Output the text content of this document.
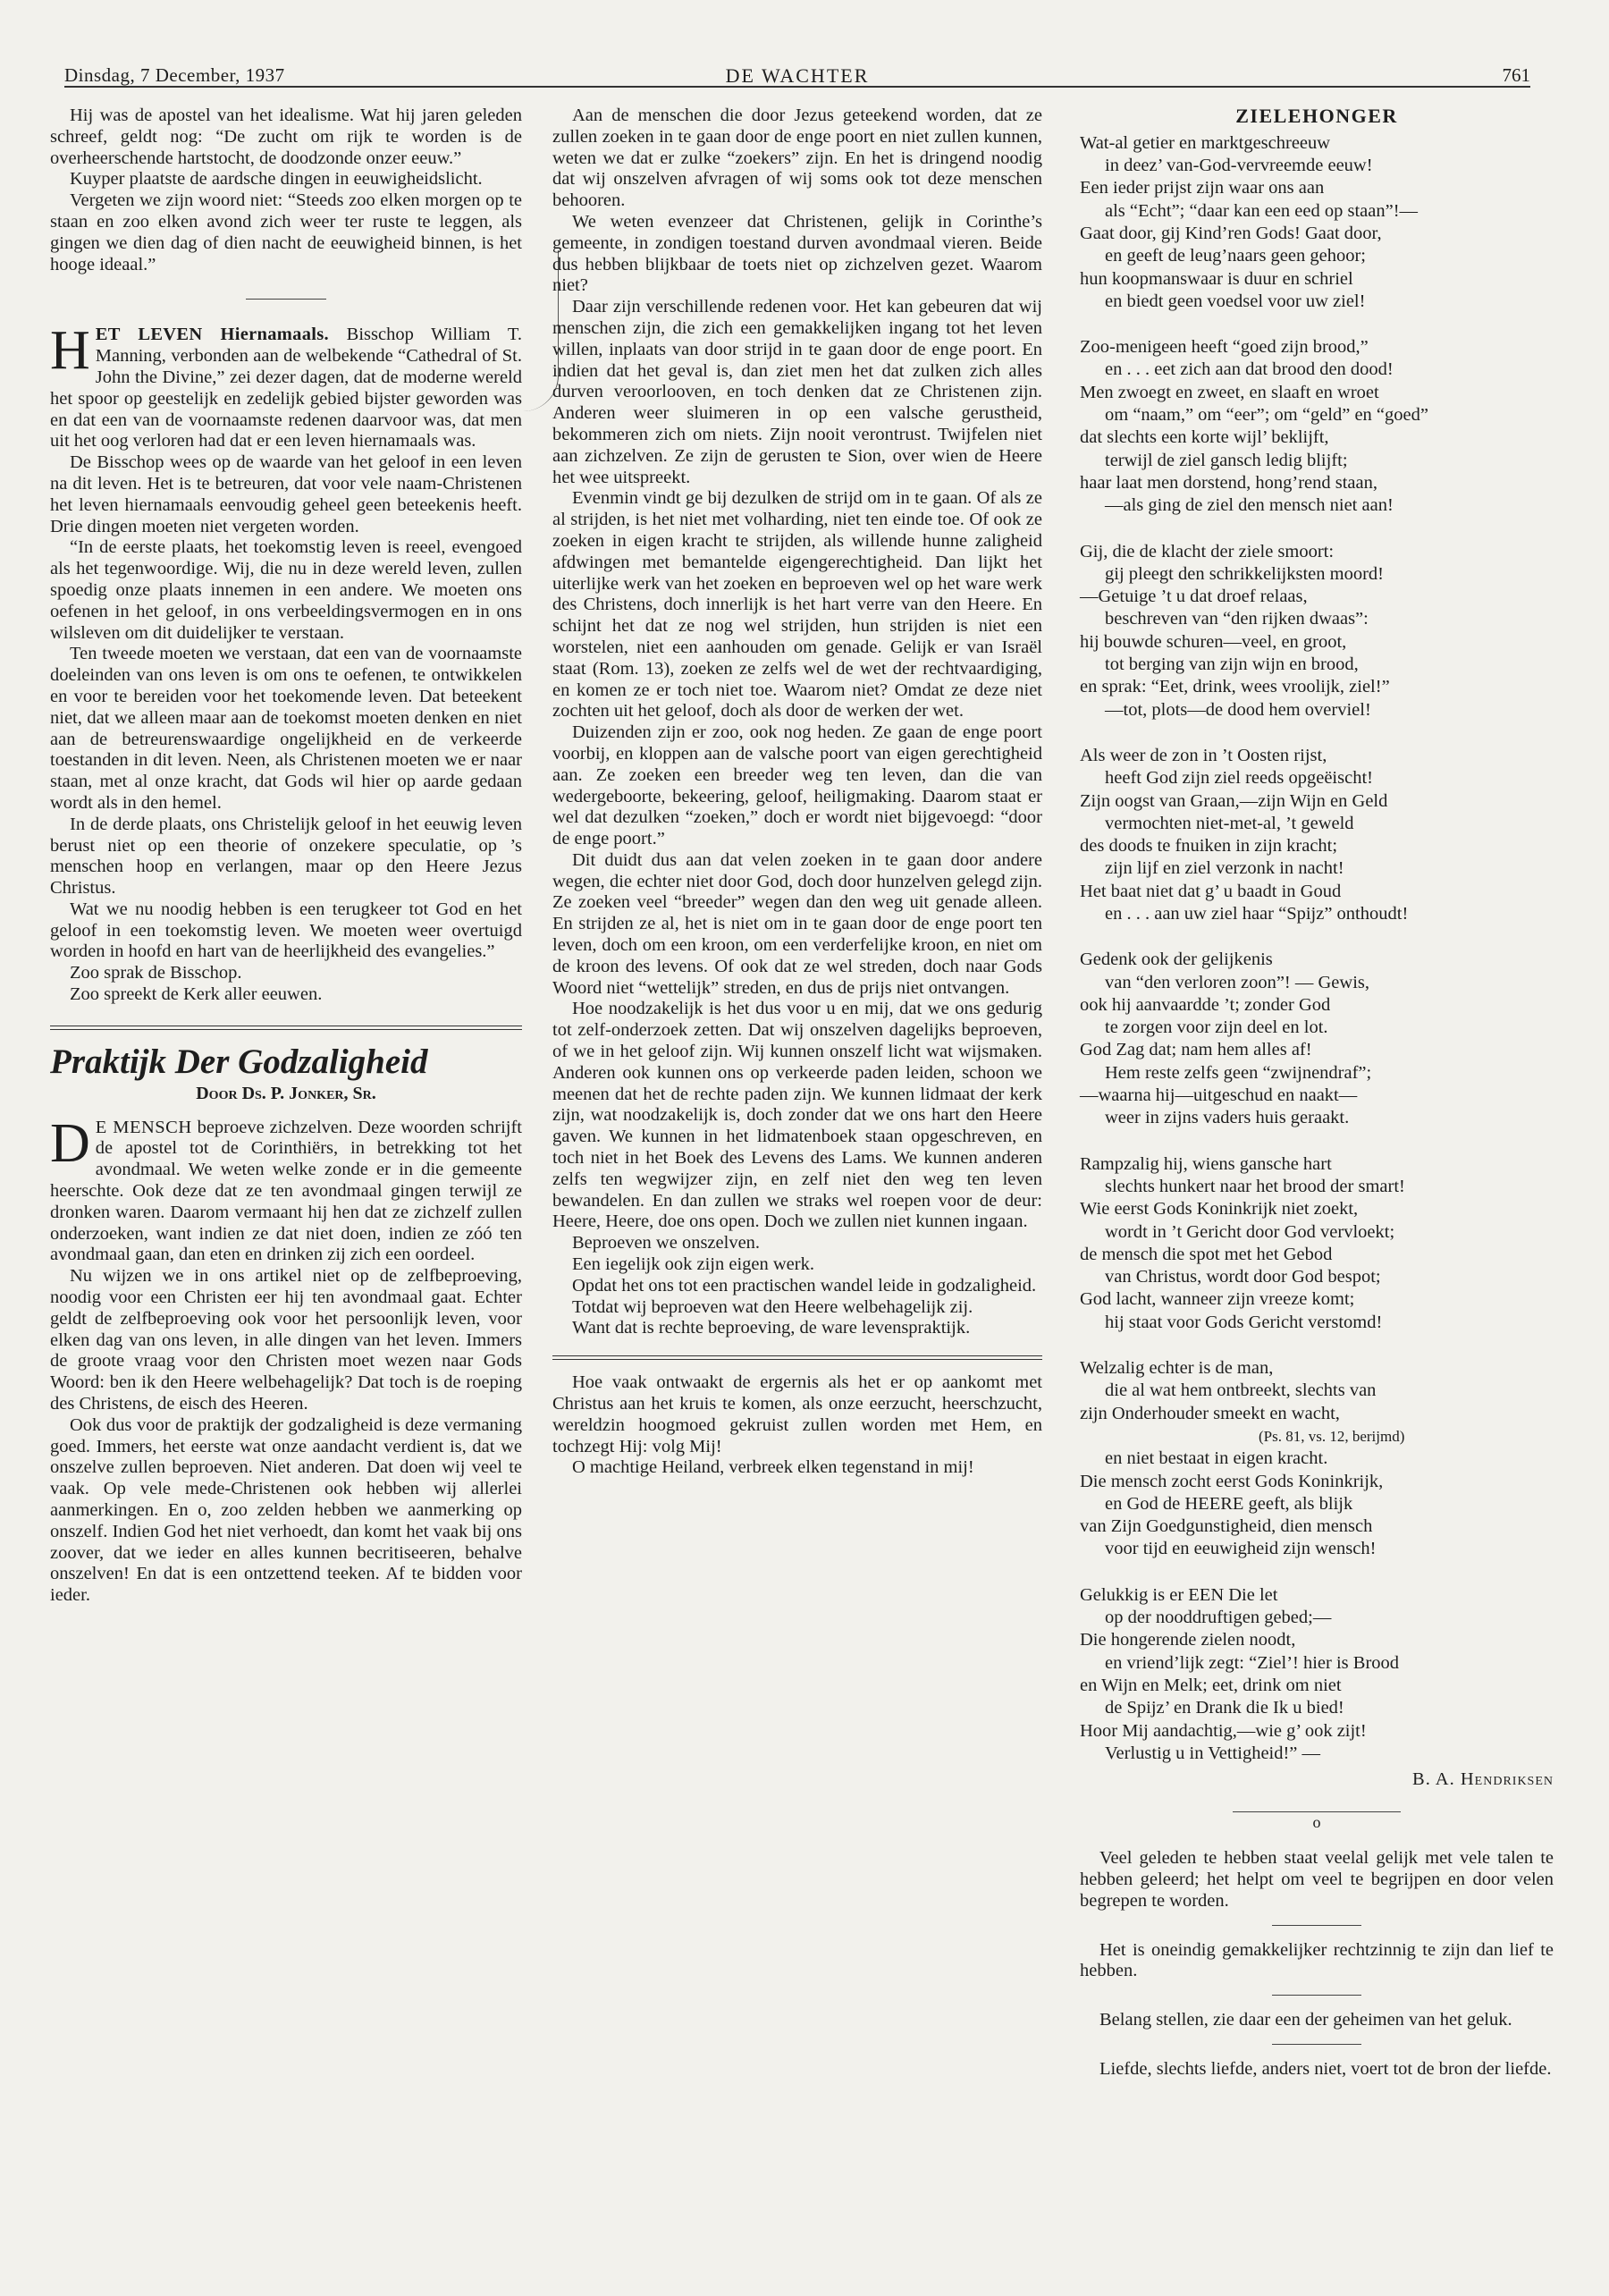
Dinsdag, 7 December, 1937	DE WACHTER	761

Hij was de apostel van het idealisme. Wat hij jaren geleden schreef, geldt nog: “De zucht om rijk te worden is de overheerschende hartstocht, de doodzonde onzer eeuw.”

Kuyper plaatste de aardsche dingen in eeuwigheidslicht.

Vergeten we zijn woord niet: “Steeds zoo elken morgen op te staan en zoo elken avond zich weer ter ruste te leggen, als gingen we dien dag of dien nacht de eeuwigheid binnen, is het hooge ideaal.”

HET LEVEN Hiernamaals. Bisschop William T. Manning, verbonden aan de welbekende “Cathedral of St. John the Divine,” zei dezer dagen, dat de moderne wereld het spoor op geestelijk en zedelijk gebied bijster geworden was en dat een van de voornaamste redenen daarvoor was, dat men uit het oog verloren had dat er een leven hiernamaals was.

De Bisschop wees op de waarde van het geloof in een leven na dit leven. Het is te betreuren, dat voor vele naam-Christenen het leven hiernamaals eenvoudig geheel geen beteekenis heeft. Drie dingen moeten niet vergeten worden.

“In de eerste plaats, het toekomstig leven is reeel, evengoed als het tegenwoordige. Wij, die nu in deze wereld leven, zullen spoedig onze plaats innemen in een andere. We moeten ons oefenen in het geloof, in ons verbeeldingsvermogen en in ons wilsleven om dit duidelijker te verstaan.

Ten tweede moeten we verstaan, dat een van de voornaamste doeleinden van ons leven is om ons te oefenen, te ontwikkelen en voor te bereiden voor het toekomende leven. Dat beteekent niet, dat we alleen maar aan de toekomst moeten denken en niet aan de betreurenswaardige ongelijkheid en de verkeerde toestanden in dit leven. Neen, als Christenen moeten we er naar staan, met al onze kracht, dat Gods wil hier op aarde gedaan wordt als in den hemel.

In de derde plaats, ons Christelijk geloof in het eeuwig leven berust niet op een theorie of onzekere speculatie, op ’s menschen hoop en verlangen, maar op den Heere Jezus Christus.

Wat we nu noodig hebben is een terugkeer tot God en het geloof in een toekomstig leven. We moeten weer overtuigd worden in hoofd en hart van de heerlijkheid des evangelies.”

Zoo sprak de Bisschop.

Zoo spreekt de Kerk aller eeuwen.

Praktijk Der Godzaligheid
Door Ds. P. Jonker, Sr.

D E MENSCH beproeve zichzelven. Deze woorden schrijft de apostel tot de Corinthiërs, in betrekking tot het avondmaal. We weten welke zonde er in die gemeente heerschte. Ook deze dat ze ten avondmaal gingen terwijl ze dronken waren. Daarom vermaant hij hen dat ze zichzelf zullen onderzoeken, want indien ze dat niet doen, indien ze zóó ten avondmaal gaan, dan eten en drinken zij zich een oordeel.

Nu wijzen we in ons artikel niet op de zelfbeproeving, noodig voor een Christen eer hij ten avondmaal gaat. Echter geldt de zelfbeproeving ook voor het persoonlijk leven, voor elken dag van ons leven, in alle dingen van het leven. Immers de groote vraag voor den Christen moet wezen naar Gods Woord: ben ik den Heere welbehagelijk? Dat toch is de roeping des Christens, de eisch des Heeren.

Ook dus voor de praktijk der godzaligheid is deze vermaning goed. Immers, het eerste wat onze aandacht verdient is, dat we onszelve zullen beproeven. Niet anderen. Dat doen wij veel te vaak. Op vele mede-Christenen ook hebben wij allerlei aanmerkingen. En o, zoo zelden hebben we aanmerking op onszelf. Indien God het niet verhoedt, dan komt het vaak bij ons zoover, dat we ieder en alles kunnen becritiseeren, behalve onszelven! En dat is een ontzettend teeken. Af te bidden voor ieder.

Aan de menschen die door Jezus geteekend worden, dat ze zullen zoeken in te gaan door de enge poort en niet zullen kunnen, weten we dat er zulke “zoekers” zijn. En het is dringend noodig dat wij onszelven afvragen of wij soms ook tot deze menschen behooren.

We weten evenzeer dat Christenen, gelijk in Corinthe’s gemeente, in zondigen toestand durven avondmaal vieren. Beide dus hebben blijkbaar de toets niet op zichzelven gezet. Waarom niet?

Daar zijn verschillende redenen voor. Het kan gebeuren dat wij menschen zijn, die zich een gemakkelijken ingang tot het leven willen, inplaats van door strijd in te gaan door de enge poort. En indien dat het geval is, dan ziet men het dat zulken zich alles durven veroorlooven, en toch denken dat ze Christenen zijn. Anderen weer sluimeren in op een valsche gerustheid, bekommeren zich om niets. Zijn nooit verontrust. Twijfelen niet aan zichzelven. Ze zijn de gerusten te Sion, over wien de Heere het wee uitspreekt.

Evenmin vindt ge bij dezulken de strijd om in te gaan. Of als ze al strijden, is het niet met volharding, niet ten einde toe. Of ook ze zoeken in eigen kracht te strijden, als willende hunne zaligheid afdwingen met bemantelde eigengerechtigheid. Dan lijkt het uiterlijke werk van het zoeken en beproeven wel op het ware werk des Christens, doch innerlijk is het hart verre van den Heere. En schijnt het dat ze nog wel strijden, hun strijden is niet een worstelen, niet een aanhouden om genade. Gelijk er van Israël staat (Rom. 13), zoeken ze zelfs wel de wet der rechtvaardiging, en komen ze er toch niet toe. Waarom niet? Omdat ze deze niet zochten uit het geloof, doch als door de werken der wet.

Duizenden zijn er zoo, ook nog heden. Ze gaan de enge poort voorbij, en kloppen aan de valsche poort van eigen gerechtigheid aan. Ze zoeken een breeder weg ten leven, dan die van wedergeboorte, bekeering, geloof, heiligmaking. Daarom staat er wel dat dezulken “zoeken,” doch er wordt niet bijgevoegd: “door de enge poort.”

Dit duidt dus aan dat velen zoeken in te gaan door andere wegen, die echter niet door God, doch door hunzelven gelegd zijn. Ze zoeken veel “breeder” wegen dan den weg uit genade alleen. En strijden ze al, het is niet om in te gaan door de enge poort ten leven, doch om een kroon, om een verderfelijke kroon, en niet om de kroon des levens. Of ook dat ze wel streden, doch naar Gods Woord niet “wettelijk” streden, en dus de prijs niet ontvangen.

Hoe noodzakelijk is het dus voor u en mij, dat we ons gedurig tot zelf-onderzoek zetten. Dat wij onszelven dagelijks beproeven, of we in het geloof zijn. Wij kunnen onszelf licht wat wijsmaken. Anderen ook kunnen ons op verkeerde paden leiden, schoon we meenen dat het de rechte paden zijn. We kunnen lidmaat der kerk zijn, wat noodzakelijk is, doch zonder dat we ons hart den Heere gaven. We kunnen in het lidmatenboek staan opgeschreven, en toch niet in het Boek des Levens des Lams. We kunnen anderen zelfs ten wegwijzer zijn, en zelf niet den weg ten leven bewandelen. En dan zullen we straks wel roepen voor de deur: Heere, Heere, doe ons open. Doch we zullen niet kunnen ingaan.

Beproeven we onszelven.

Een iegelijk ook zijn eigen werk.

Opdat het ons tot een practischen wandel leide in godzaligheid.

Totdat wij beproeven wat den Heere welbehagelijk zij.

Want dat is rechte beproeving, de ware levenspraktijk.

Hoe vaak ontwaakt de ergernis als het er op aankomt met Christus aan het kruis te komen, als onze eerzucht, heerschzucht, wereldzin hoogmoed gekruist zullen worden met Hem, en tochzegt Hij: volg Mij!

O machtige Heiland, verbreek elken tegenstand in mij!

ZIELEHONGER
Wat-al getier en marktgeschreeuw
in deez’ van-God-vervreemde eeuw!
Een ieder prijst zijn waar ons aan
als “Echt”; “daar kan een eed op staan”!—
Gaat door, gij Kind’ren Gods! Gaat door,
en geeft de leug’naars geen gehoor;
hun koopmanswaar is duur en schriel
en biedt geen voedsel voor uw ziel!
Zoo-menigeen heeft “goed zijn brood,”
en . . . eet zich aan dat brood den dood!
Men zwoegt en zweet, en slaaft en wroet
om “naam,” om “eer”; om “geld” en “goed”
dat slechts een korte wijl’ beklijft,
terwijl de ziel gansch ledig blijft;
haar laat men dorstend, hong’rend staan,
—als ging de ziel den mensch niet aan!
Gij, die de klacht der ziele smoort:
gij pleegt den schrikkelijksten moord!
—Getuige ’t u dat droef relaas,
beschreven van “den rijken dwaas”:
hij bouwde schuren—veel, en groot,
tot berging van zijn wijn en brood,
en sprak: “Eet, drink, wees vroolijk, ziel!”
—tot, plots—de dood hem overviel!
Als weer de zon in ’t Oosten rijst,
heeft God zijn ziel reeds opgeëischt!
Zijn oogst van Graan,—zijn Wijn en Geld
vermochten niet-met-al, ’t geweld
des doods te fnuiken in zijn kracht;
zijn lijf en ziel verzonk in nacht!
Het baat niet dat g’ u baadt in Goud
en . . . aan uw ziel haar “Spijz” onthoudt!
Gedenk ook der gelijkenis
van “den verloren zoon”! — Gewis,
ook hij aanvaardde ’t; zonder God
te zorgen voor zijn deel en lot.
God Zag dat; nam hem alles af!
Hem reste zelfs geen “zwijnendraf”;
—waarna hij—uitgeschud en naakt—
weer in zijns vaders huis geraakt.
Rampzalig hij, wiens gansche hart
slechts hunkert naar het brood der smart!
Wie eerst Gods Koninkrijk niet zoekt,
wordt in ’t Gericht door God vervloekt;
de mensch die spot met het Gebod
van Christus, wordt door God bespot;
God lacht, wanneer zijn vreeze komt;
hij staat voor Gods Gericht verstomd!
Welzalig echter is de man,
die al wat hem ontbreekt, slechts van
zijn Onderhouder smeekt en wacht,
(Ps. 81, vs. 12, berijmd)
en niet bestaat in eigen kracht.
Die mensch zocht eerst Gods Koninkrijk,
en God de HEERE geeft, als blijk
van Zijn Goedgunstigheid, dien mensch
voor tijd en eeuwigheid zijn wensch!
Gelukkig is er EEN Die let
op der nooddruftigen gebed;—
Die hongerende zielen noodt,
en vriend’lijk zegt: “Ziel’! hier is Brood
en Wijn en Melk; eet, drink om niet
de Spijz’ en Drank die Ik u bied!
Hoor Mij aandachtig,—wie g’ ook zijt!
Verlustig u in Vettigheid!” —
B. A. Hendriksen
o

Veel geleden te hebben staat veelal gelijk met vele talen te hebben geleerd; het helpt om veel te begrijpen en door velen begrepen te worden.

Het is oneindig gemakkelijker rechtzinnig te zijn dan lief te hebben.

Belang stellen, zie daar een der geheimen van het geluk.

Liefde, slechts liefde, anders niet, voert tot de bron der liefde.
